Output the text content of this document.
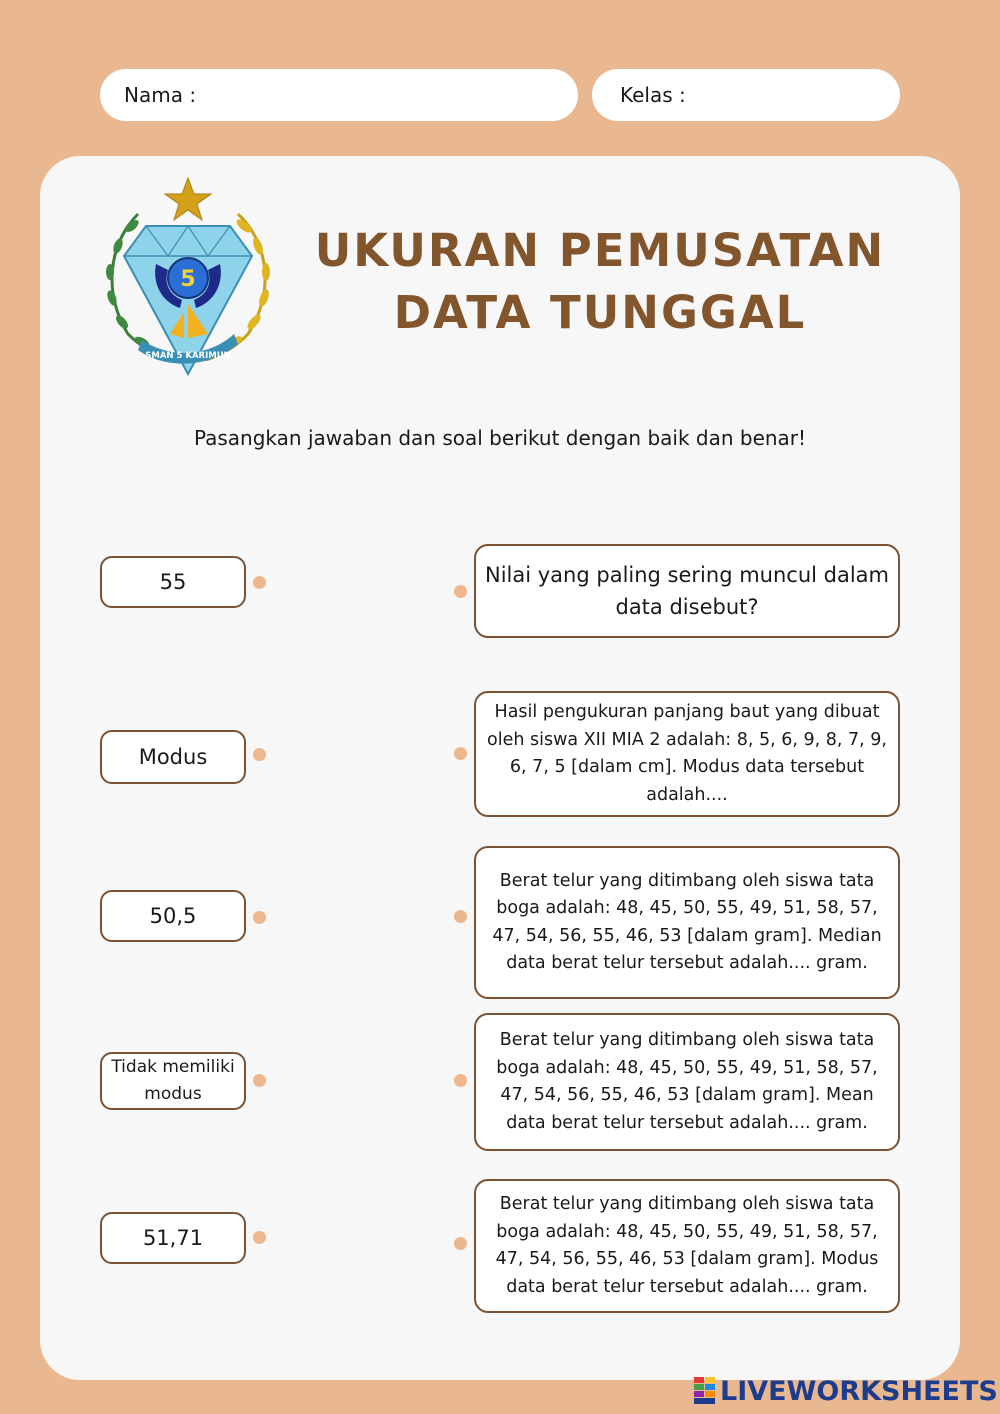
Nama :	Kelas :
5
SMAN 5 KARIMUN
UKURAN PEMUSATAN
DATA TUNGGAL
Pasangkan jawaban dan soal berikut dengan baik dan benar!
55
Modus
50,5
Tidak memiliki modus
51,71
Nilai yang paling sering muncul dalam data disebut?
Hasil pengukuran panjang baut yang dibuat oleh siswa XII MIA 2 adalah: 8, 5, 6, 9, 8, 7, 9, 6, 7, 5 [dalam cm]. Modus data tersebut adalah....
Berat telur yang ditimbang oleh siswa tata boga adalah: 48, 45, 50, 55, 49, 51, 58, 57, 47, 54, 56, 55, 46, 53 [dalam gram]. Median data berat telur tersebut adalah.... gram.
Berat telur yang ditimbang oleh siswa tata boga adalah: 48, 45, 50, 55, 49, 51, 58, 57, 47, 54, 56, 55, 46, 53 [dalam gram]. Mean data berat telur tersebut adalah.... gram.
Berat telur yang ditimbang oleh siswa tata boga adalah: 48, 45, 50, 55, 49, 51, 58, 57, 47, 54, 56, 55, 46, 53 [dalam gram]. Modus data berat telur tersebut adalah.... gram.
LIVEWORKSHEETS
